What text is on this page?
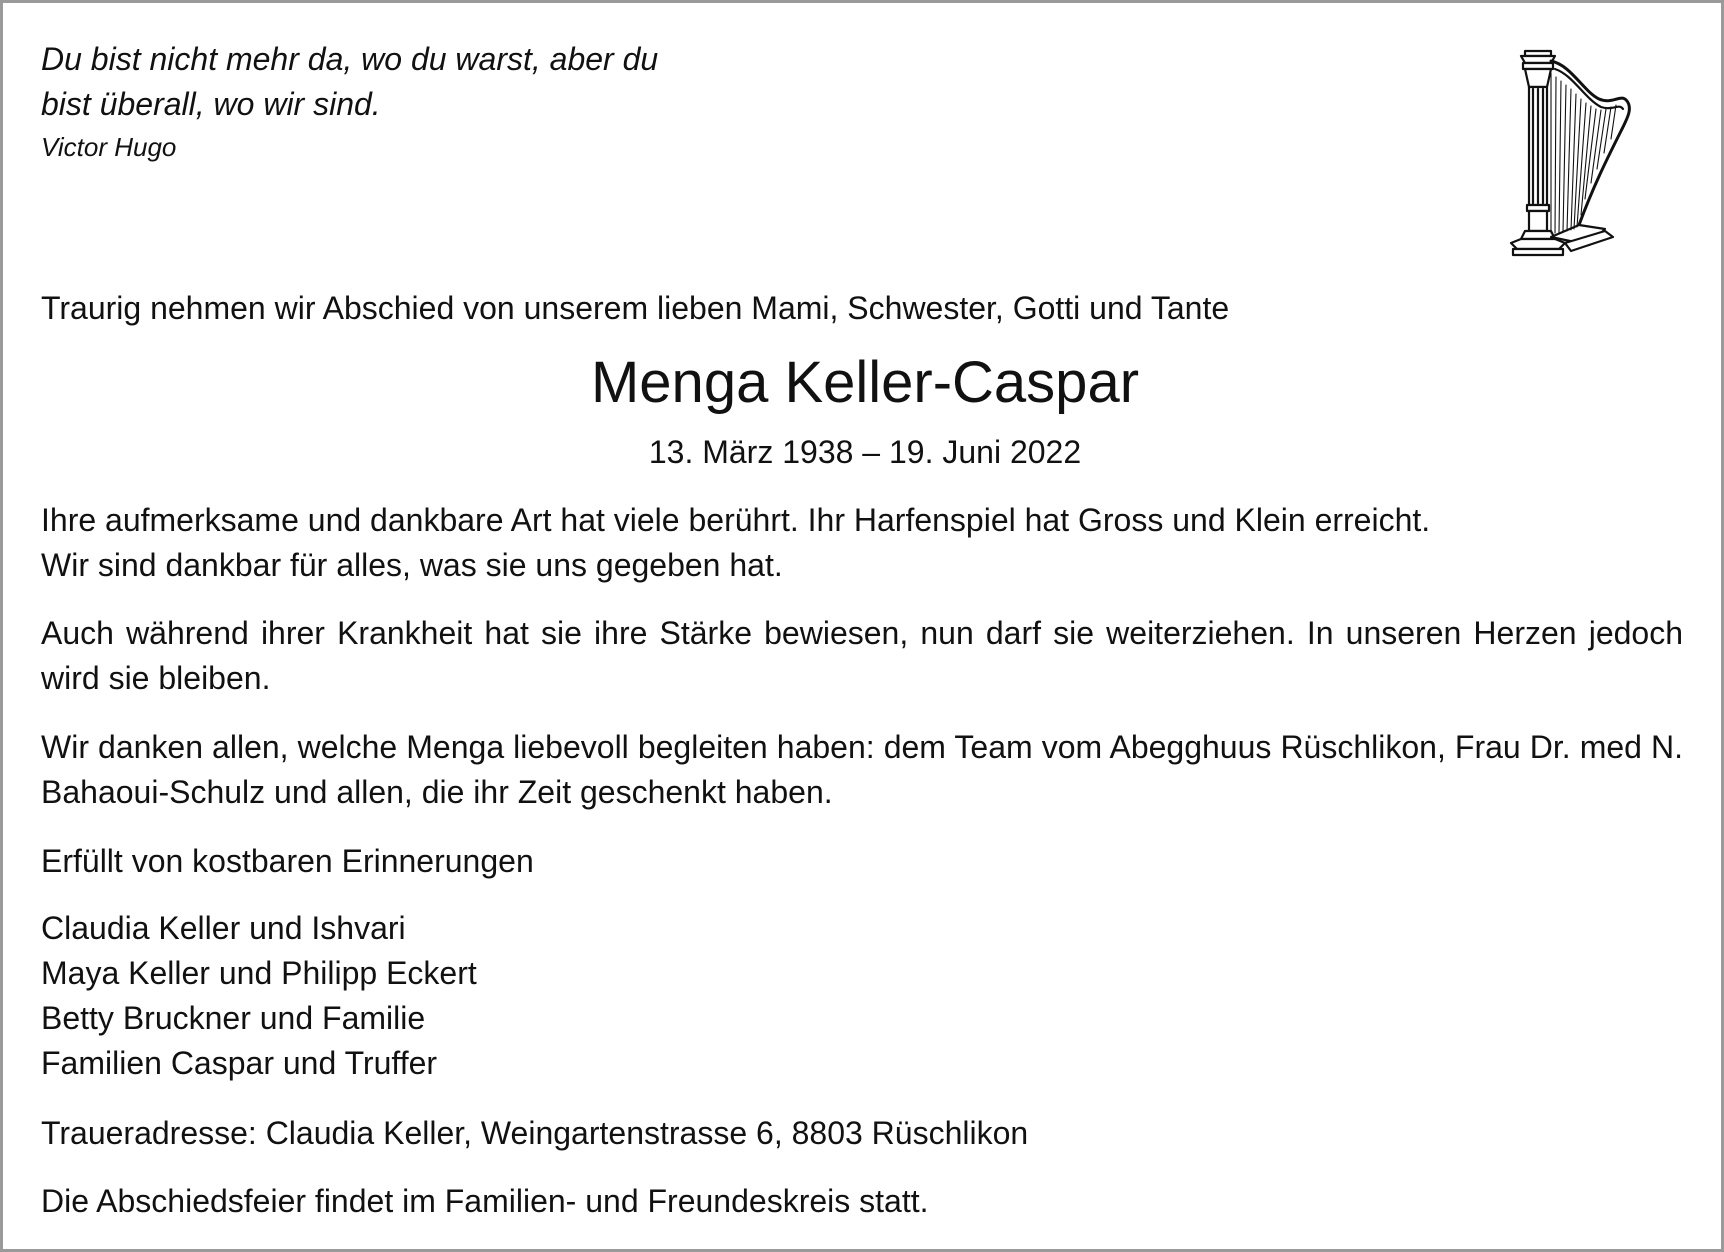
Du bist nicht mehr da, wo du warst, aber du
bist überall, wo wir sind.
Victor Hugo

Traurig nehmen wir Abschied von unserem lieben Mami, Schwester, Gotti und Tante

Menga Keller-Caspar

13. März 1938 – 19. Juni 2022

Ihre aufmerksame und dankbare Art hat viele berührt. Ihr Harfenspiel hat Gross und Klein erreicht.
Wir sind dankbar für alles, was sie uns gegeben hat.

Auch während ihrer Krankheit hat sie ihre Stärke bewiesen, nun darf sie weiterziehen. In unseren Herzen jedoch wird sie bleiben.

Wir danken allen, welche Menga liebevoll begleiten haben: dem Team vom Abegghuus Rüschlikon, Frau Dr. med N. Bahaoui-Schulz und allen, die ihr Zeit geschenkt haben.

Erfüllt von kostbaren Erinnerungen

Claudia Keller und Ishvari
Maya Keller und Philipp Eckert
Betty Bruckner und Familie
Familien Caspar und Truffer

Traueradresse: Claudia Keller, Weingartenstrasse 6, 8803 Rüschlikon

Die Abschiedsfeier findet im Familien- und Freundeskreis statt.
